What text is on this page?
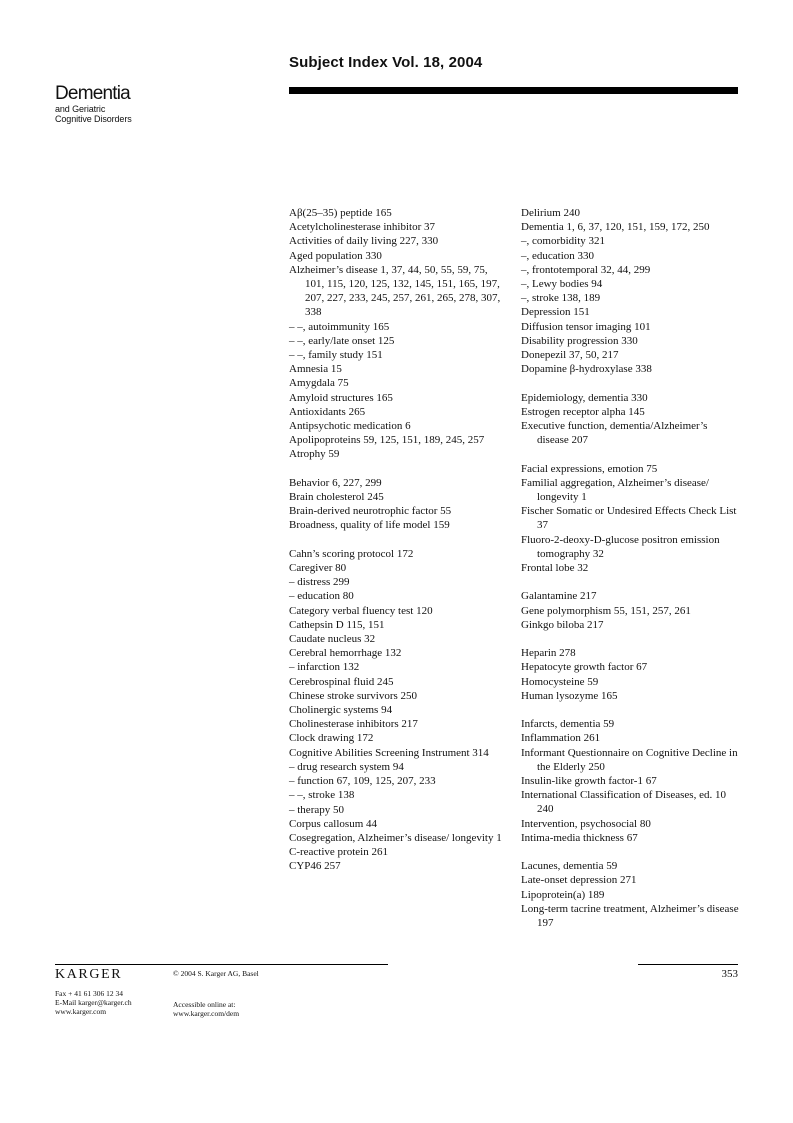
Subject Index Vol. 18, 2004
Dementia
and Geriatric
Cognitive Disorders
Aβ(25–35) peptide 165
Acetylcholinesterase inhibitor 37
Activities of daily living 227, 330
Aged population 330
Alzheimer’s disease 1, 37, 44, 50, 55, 59, 75, 101, 115, 120, 125, 132, 145, 151, 165, 197, 207, 227, 233, 245, 257, 261, 265, 278, 307, 338
– –, autoimmunity 165
– –, early/late onset 125
– –, family study 151
Amnesia 15
Amygdala 75
Amyloid structures 165
Antioxidants 265
Antipsychotic medication 6
Apolipoproteins 59, 125, 151, 189, 245, 257
Atrophy 59
Behavior 6, 227, 299
Brain cholesterol 245
Brain-derived neurotrophic factor 55
Broadness, quality of life model 159
Cahn’s scoring protocol 172
Caregiver 80
– distress 299
– education 80
Category verbal fluency test 120
Cathepsin D 115, 151
Caudate nucleus 32
Cerebral hemorrhage 132
– infarction 132
Cerebrospinal fluid 245
Chinese stroke survivors 250
Cholinergic systems 94
Cholinesterase inhibitors 217
Clock drawing 172
Cognitive Abilities Screening Instrument 314
– drug research system 94
– function 67, 109, 125, 207, 233
– –, stroke 138
– therapy 50
Corpus callosum 44
Cosegregation, Alzheimer’s disease/ longevity 1
C-reactive protein 261
CYP46 257
Delirium 240
Dementia 1, 6, 37, 120, 151, 159, 172, 250
–, comorbidity 321
–, education 330
–, frontotemporal 32, 44, 299
–, Lewy bodies 94
–, stroke 138, 189
Depression 151
Diffusion tensor imaging 101
Disability progression 330
Donepezil 37, 50, 217
Dopamine β-hydroxylase 338
Epidemiology, dementia 330
Estrogen receptor alpha 145
Executive function, dementia/Alzheimer’s disease 207
Facial expressions, emotion 75
Familial aggregation, Alzheimer’s disease/ longevity 1
Fischer Somatic or Undesired Effects Check List 37
Fluoro-2-deoxy-D-glucose positron emission tomography 32
Frontal lobe 32
Galantamine 217
Gene polymorphism 55, 151, 257, 261
Ginkgo biloba 217
Heparin 278
Hepatocyte growth factor 67
Homocysteine 59
Human lysozyme 165
Infarcts, dementia 59
Inflammation 261
Informant Questionnaire on Cognitive Decline in the Elderly 250
Insulin-like growth factor-1 67
International Classification of Diseases, ed. 10 240
Intervention, psychosocial 80
Intima-media thickness 67
Lacunes, dementia 59
Late-onset depression 271
Lipoprotein(a) 189
Long-term tacrine treatment, Alzheimer’s disease 197
KARGER	© 2004 S. Karger AG, Basel
Fax + 41 61 306 12 34
E-Mail karger@karger.ch
www.karger.com
Accessible online at:
www.karger.com/dem
353
